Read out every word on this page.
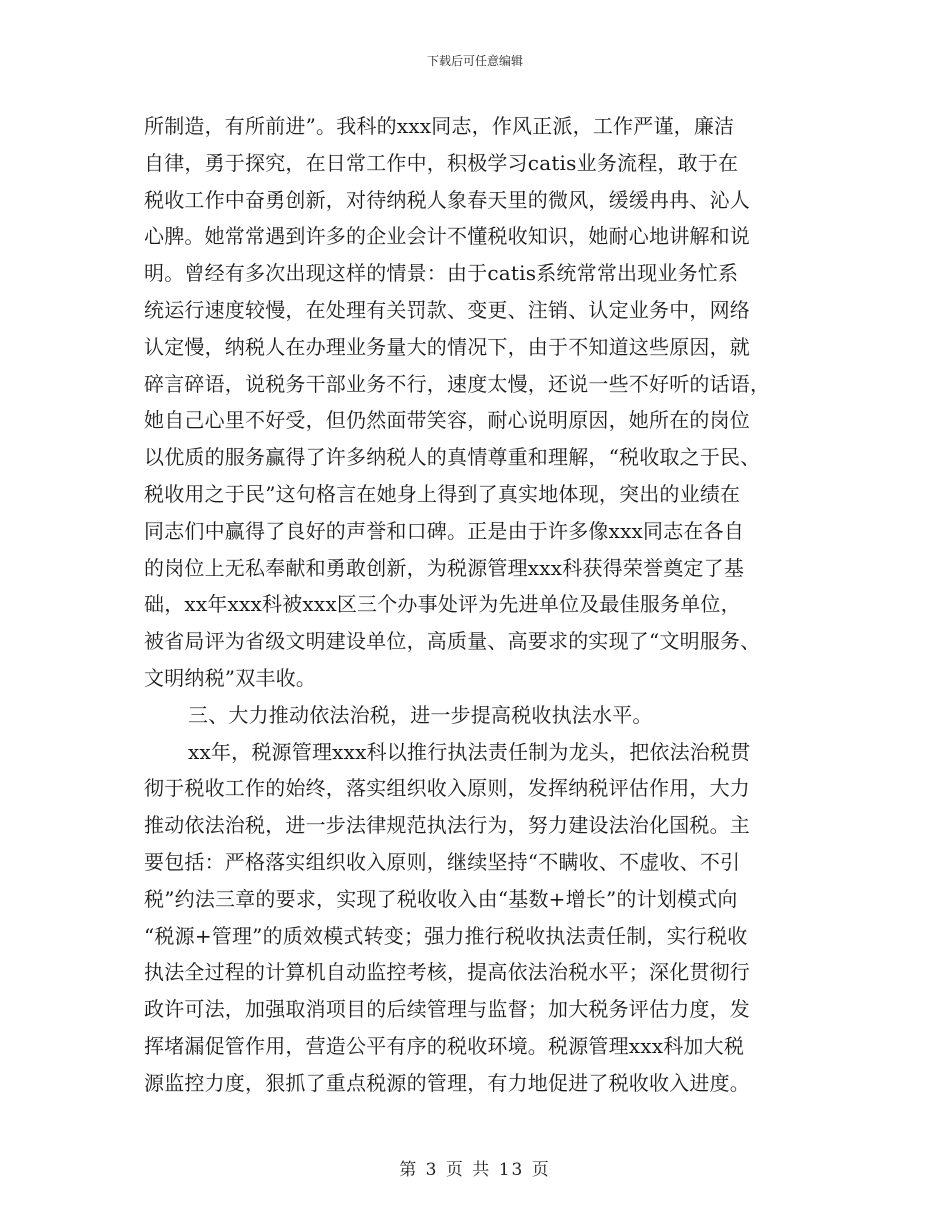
下载后可任意编辑

所制造，有所前进”。我科的xxx同志，作风正派，工作严谨，廉洁

自律，勇于探究，在日常工作中，积极学习catis业务流程，敢于在

税收工作中奋勇创新，对待纳税人象春天里的微风，缓缓冉冉、沁人

心脾。她常常遇到许多的企业会计不懂税收知识，她耐心地讲解和说

明。曾经有多次出现这样的情景：由于catis系统常常出现业务忙系

统运行速度较慢，在处理有关罚款、变更、注销、认定业务中，网络

认定慢，纳税人在办理业务量大的情况下，由于不知道这些原因，就

碎言碎语，说税务干部业务不行，速度太慢，还说一些不好听的话语，

她自己心里不好受，但仍然面带笑容，耐心说明原因，她所在的岗位

以优质的服务赢得了许多纳税人的真情尊重和理解，“税收取之于民、

税收用之于民”这句格言在她身上得到了真实地体现，突出的业绩在

同志们中赢得了良好的声誉和口碑。正是由于许多像xxx同志在各自

的岗位上无私奉献和勇敢创新，为税源管理xxx科获得荣誉奠定了基

础，xx年xxx科被xxx区三个办事处评为先进单位及最佳服务单位，

被省局评为省级文明建设单位，高质量、高要求的实现了“文明服务、

文明纳税”双丰收。

三、大力推动依法治税，进一步提高税收执法水平。

xx年，税源管理xxx科以推行执法责任制为龙头，把依法治税贯

彻于税收工作的始终，落实组织收入原则，发挥纳税评估作用，大力

推动依法治税，进一步法律规范执法行为，努力建设法治化国税。主

要包括：严格落实组织收入原则，继续坚持“不瞒收、不虚收、不引

税”约法三章的要求，实现了税收收入由“基数+增长”的计划模式向

“税源+管理”的质效模式转变；强力推行税收执法责任制，实行税收

执法全过程的计算机自动监控考核，提高依法治税水平；深化贯彻行

政许可法，加强取消项目的后续管理与监督；加大税务评估力度，发

挥堵漏促管作用，营造公平有序的税收环境。税源管理xxx科加大税

源监控力度，狠抓了重点税源的管理，有力地促进了税收收入进度。

第 3 页 共 13 页
